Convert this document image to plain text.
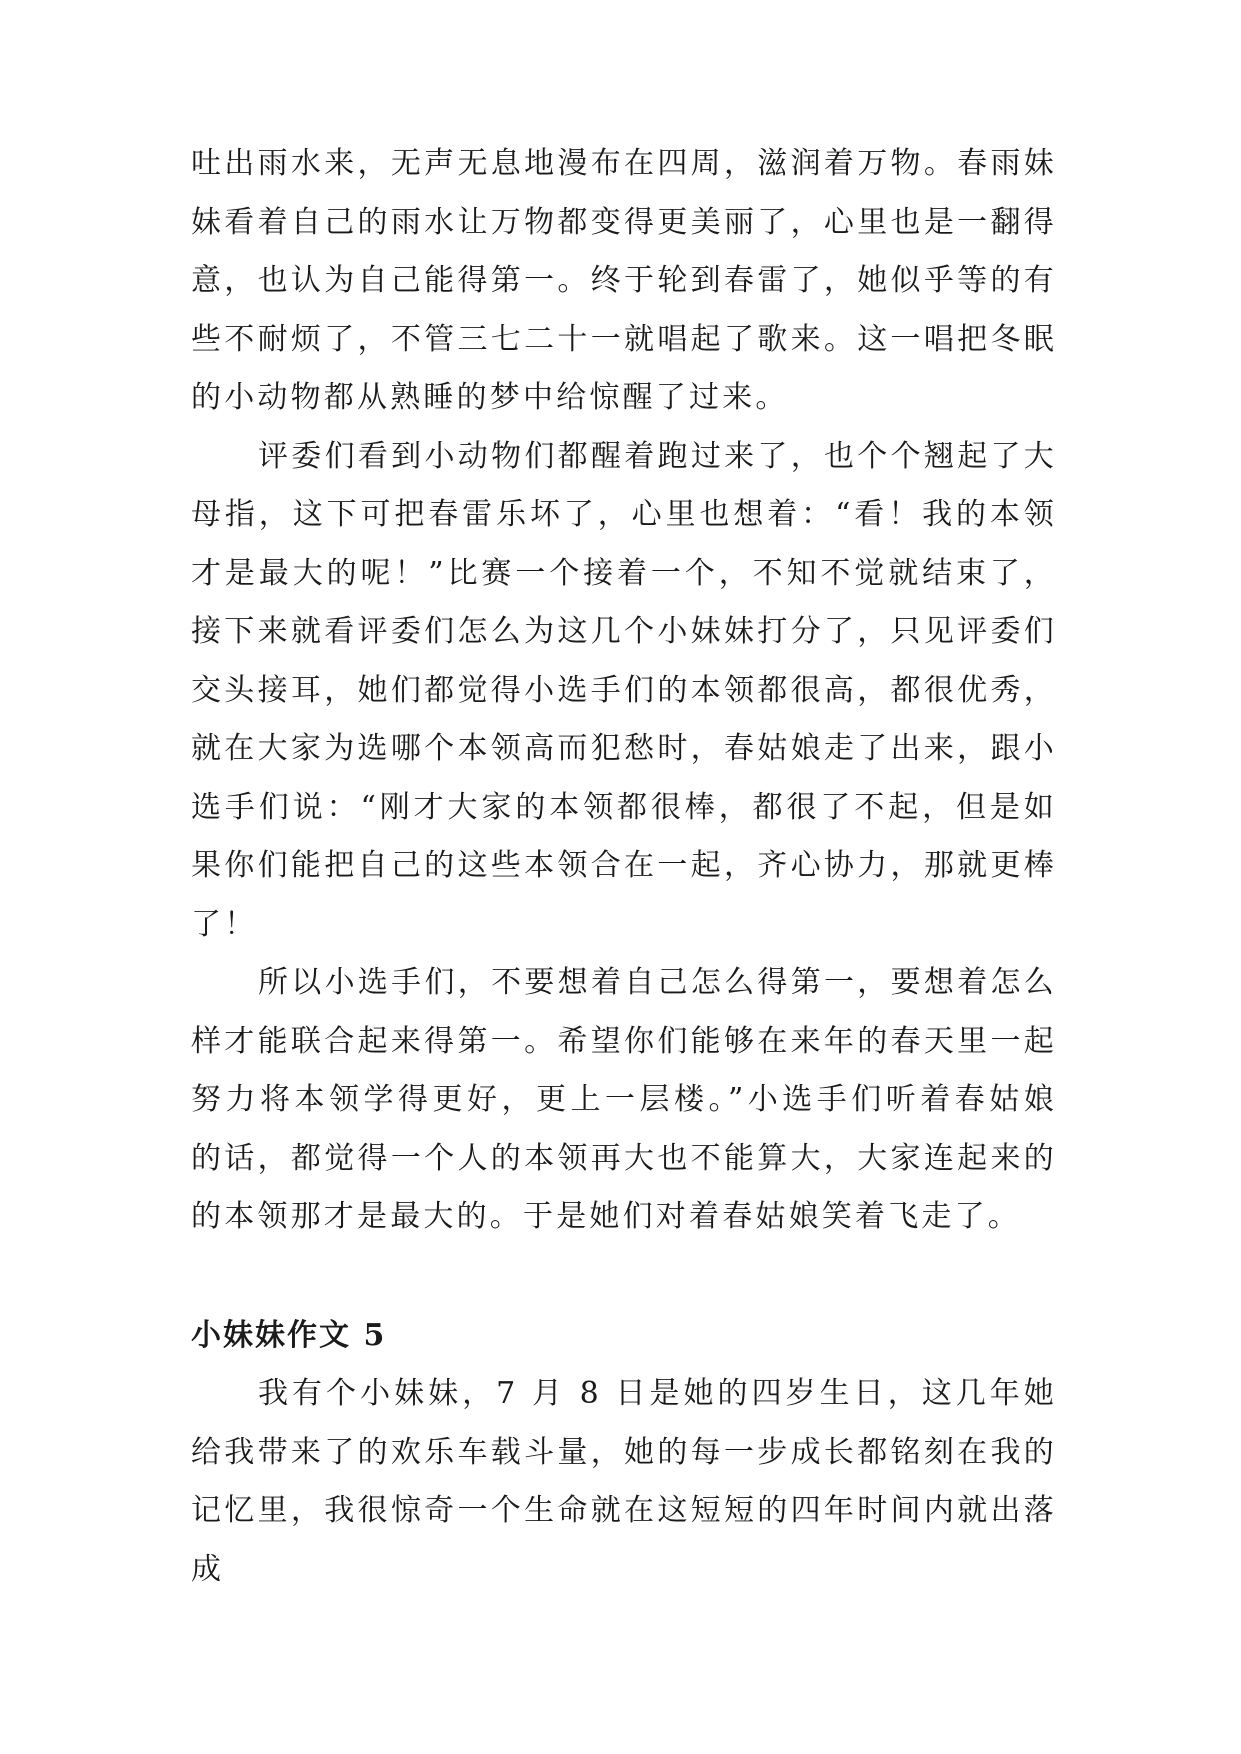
吐出雨水来，无声无息地漫布在四周，滋润着万物。春雨妹妹看着自己的雨水让万物都变得更美丽了，心里也是一翻得意，也认为自己能得第一。终于轮到春雷了，她似乎等的有些不耐烦了，不管三七二十一就唱起了歌来。这一唱把冬眠的小动物都从熟睡的梦中给惊醒了过来。

评委们看到小动物们都醒着跑过来了，也个个翘起了大母指，这下可把春雷乐坏了，心里也想着：“看！我的本领才是最大的呢！”比赛一个接着一个，不知不觉就结束了，接下来就看评委们怎么为这几个小妹妹打分了，只见评委们交头接耳，她们都觉得小选手们的本领都很高，都很优秀，就在大家为选哪个本领高而犯愁时，春姑娘走了出来，跟小选手们说：“刚才大家的本领都很棒，都很了不起，但是如果你们能把自己的这些本领合在一起，齐心协力，那就更棒了！

所以小选手们，不要想着自己怎么得第一，要想着怎么样才能联合起来得第一。希望你们能够在来年的春天里一起努力将本领学得更好，更上一层楼。”小选手们听着春姑娘的话，都觉得一个人的本领再大也不能算大，大家连起来的的本领那才是最大的。于是她们对着春姑娘笑着飞走了。

小妹妹作文 5

我有个小妹妹，7 月 8 日是她的四岁生日，这几年她给我带来了的欢乐车载斗量，她的每一步成长都铭刻在我的记忆里，我很惊奇一个生命就在这短短的四年时间内就出落成
